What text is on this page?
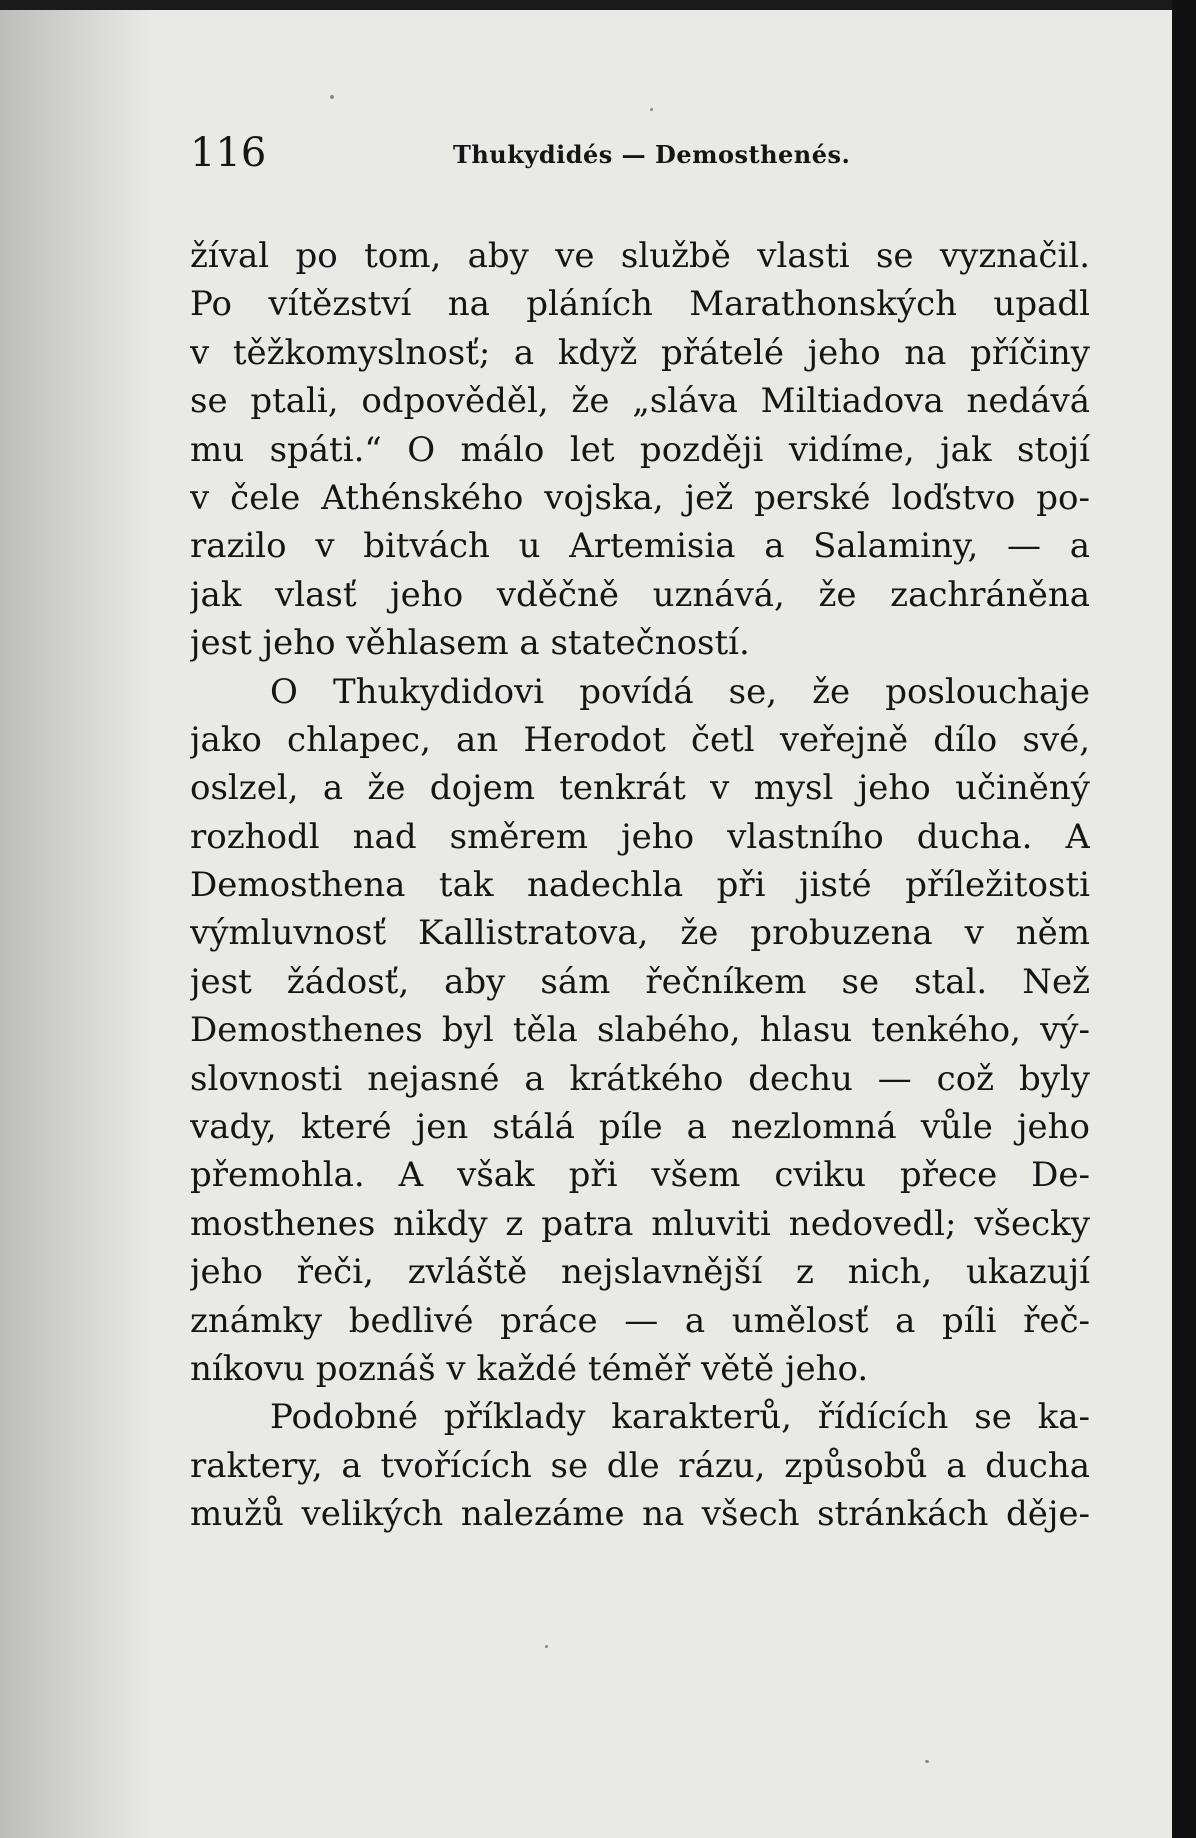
116	Thukydidés — Demosthenés.
žíval po tom, aby ve službě vlasti se vyznačil.
Po vítězství na pláních Marathonských upadl
v těžkomyslnosť; a když přátelé jeho na příčiny
se ptali, odpověděl, že „sláva Miltiadova nedává
mu spáti.“ O málo let později vidíme, jak stojí
v čele Athénského vojska, jež perské loďstvo po-
razilo v bitvách u Artemisia a Salaminy, — a
jak vlasť jeho vděčně uznává, že zachráněna
jest jeho věhlasem a statečností.
O Thukydidovi povídá se, že poslouchaje
jako chlapec, an Herodot četl veřejně dílo své,
oslzel, a že dojem tenkrát v mysl jeho učiněný
rozhodl nad směrem jeho vlastního ducha. A
Demosthena tak nadechla při jisté příležitosti
výmluvnosť Kallistratova, že probuzena v něm
jest žádosť, aby sám řečníkem se stal. Než
Demosthenes byl těla slabého, hlasu tenkého, vý-
slovnosti nejasné a krátkého dechu — což byly
vady, které jen stálá píle a nezlomná vůle jeho
přemohla. A však při všem cviku přece De-
mosthenes nikdy z patra mluviti nedovedl; všecky
jeho řeči, zvláště nejslavnější z nich, ukazují
známky bedlivé práce — a umělosť a píli řeč-
níkovu poznáš v každé téměř větě jeho.
Podobné příklady karakterů, řídících se ka-
raktery, a tvořících se dle rázu, způsobů a ducha
mužů velikých nalezáme na všech stránkách děje-
